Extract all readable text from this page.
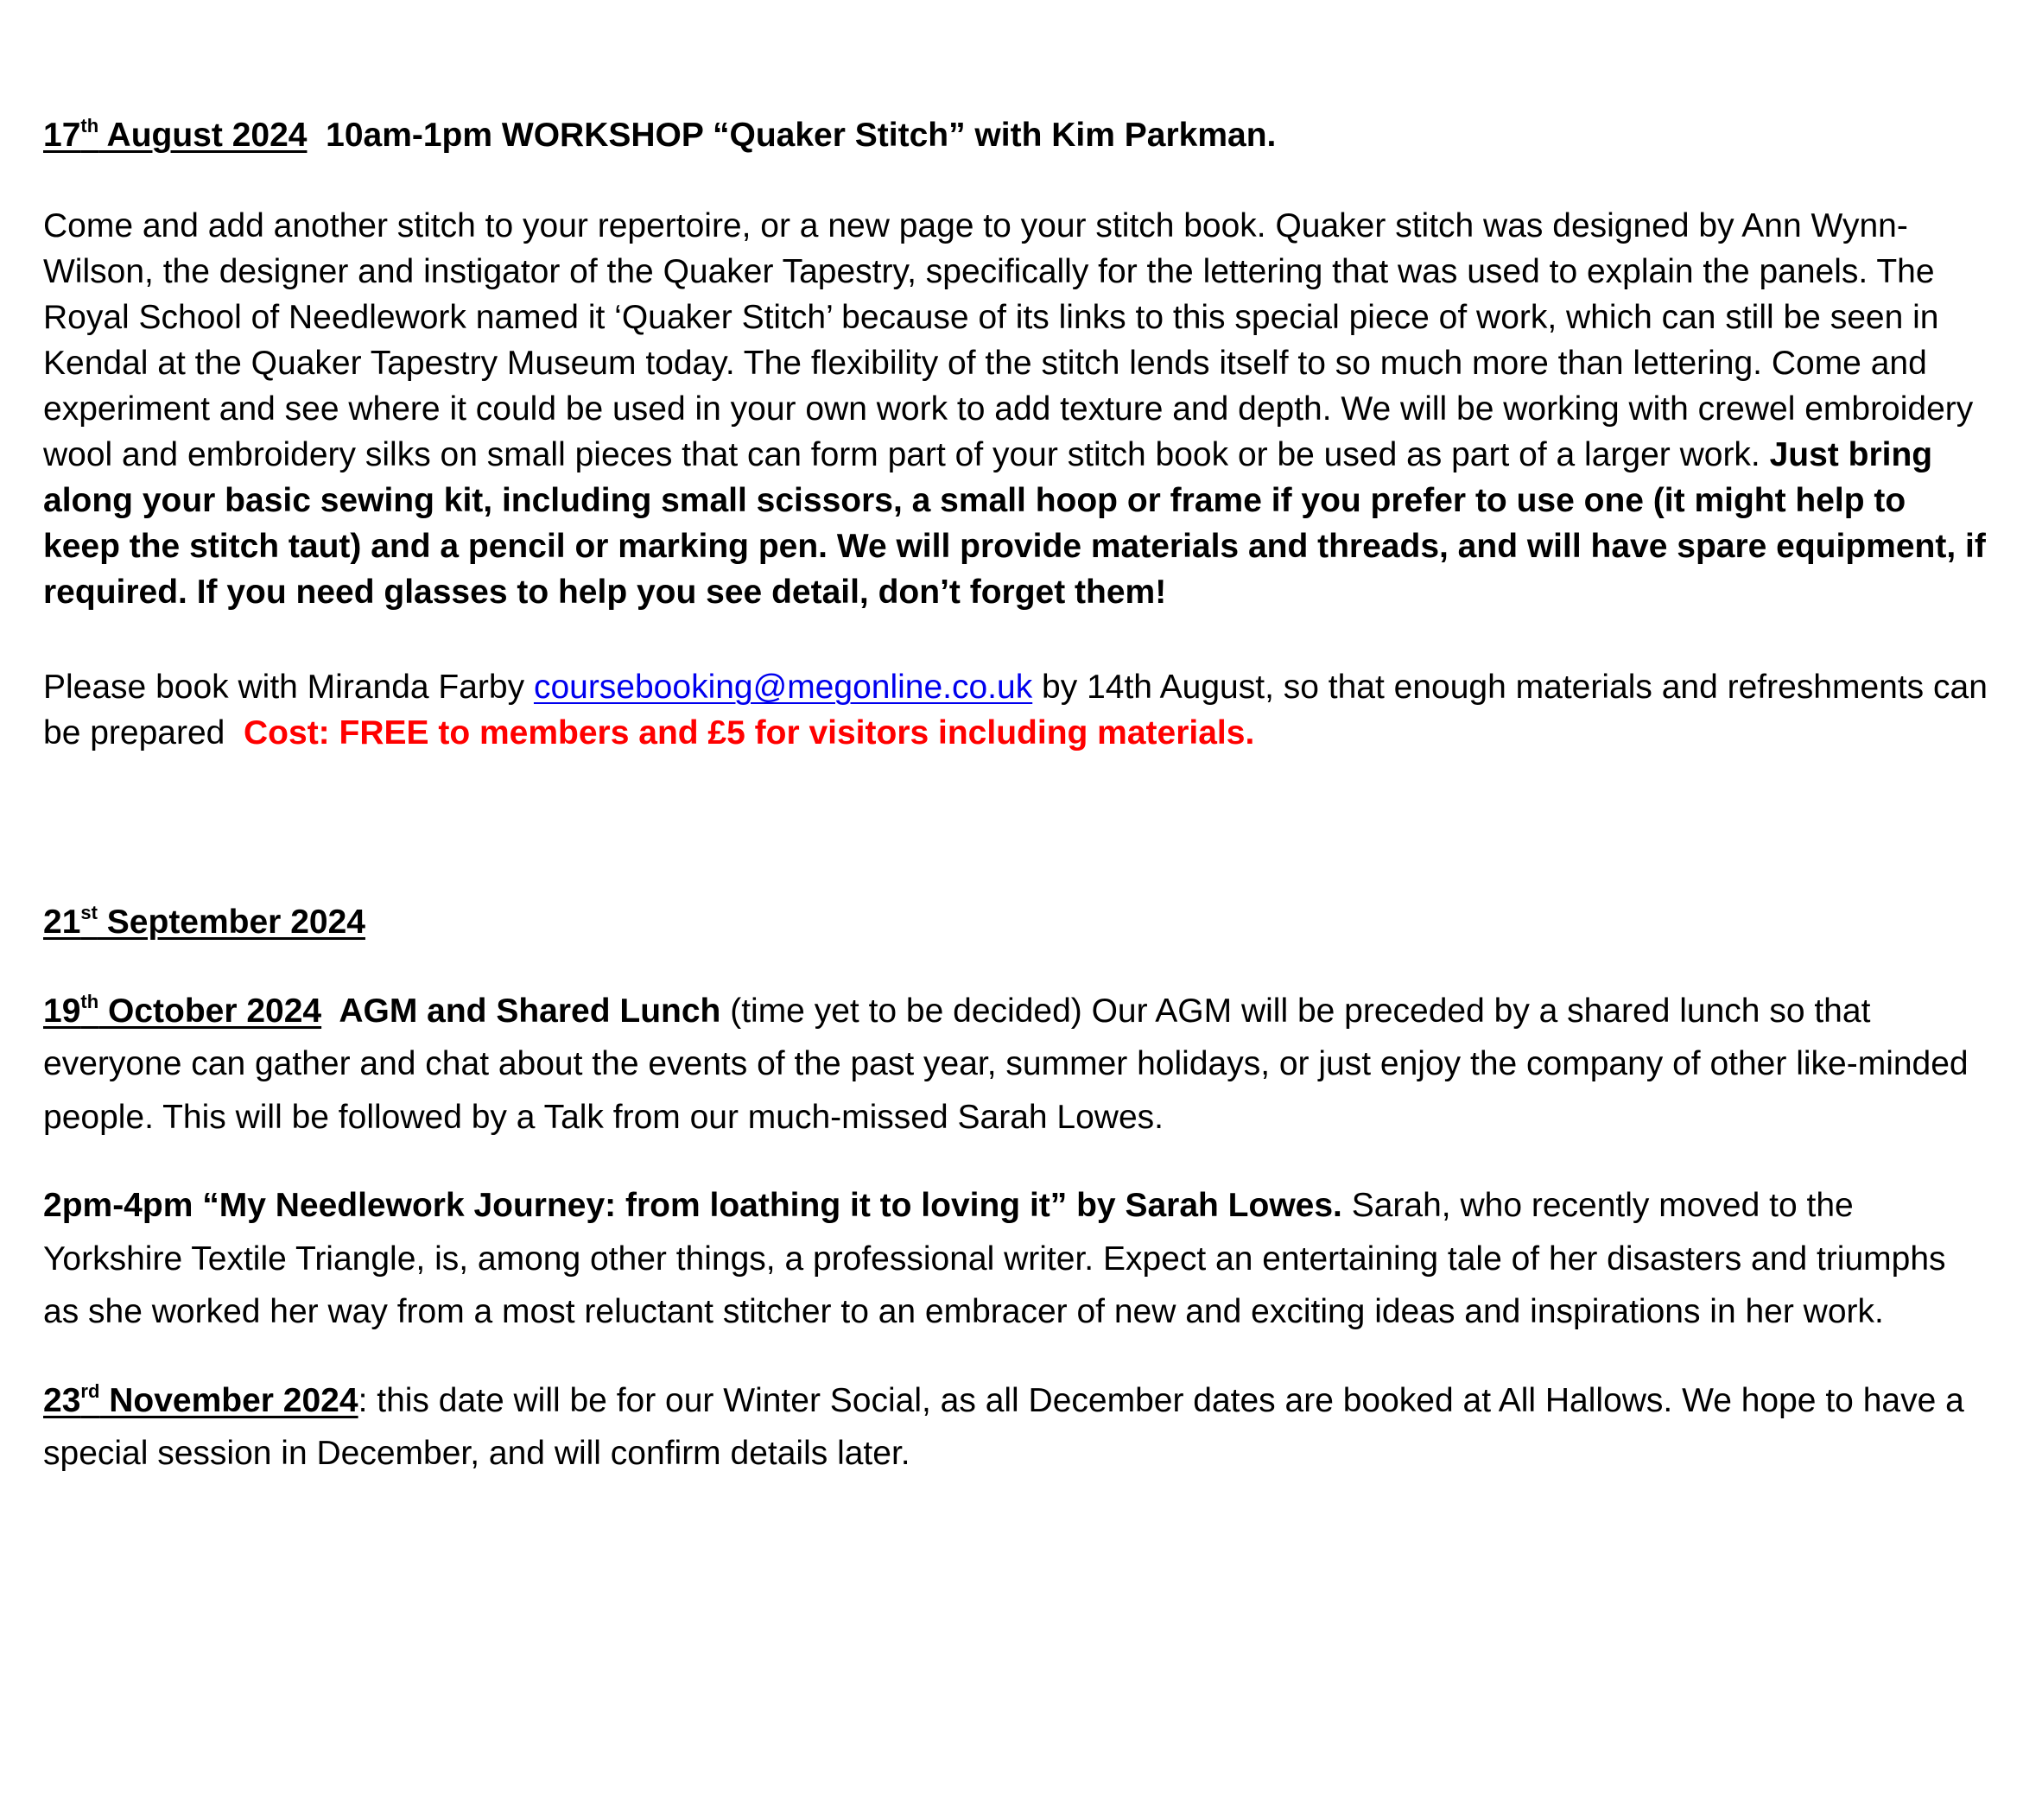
17th August 2024  10am-1pm WORKSHOP “Quaker Stitch” with Kim Parkman.

Come and add another stitch to your repertoire, or a new page to your stitch book. Quaker stitch was designed by Ann Wynn-Wilson, the designer and instigator of the Quaker Tapestry, specifically for the lettering that was used to explain the panels. The Royal School of Needlework named it ‘Quaker Stitch’ because of its links to this special piece of work, which can still be seen in Kendal at the Quaker Tapestry Museum today. The flexibility of the stitch lends itself to so much more than lettering. Come and experiment and see where it could be used in your own work to add texture and depth. We will be working with crewel embroidery wool and embroidery silks on small pieces that can form part of your stitch book or be used as part of a larger work. Just bring along your basic sewing kit, including small scissors, a small hoop or frame if you prefer to use one (it might help to keep the stitch taut) and a pencil or marking pen. We will provide materials and threads, and will have spare equipment, if required. If you need glasses to help you see detail, don’t forget them!

Please book with Miranda Farby coursebooking@megonline.co.uk by 14th August, so that enough materials and refreshments can be prepared  Cost: FREE to members and £5 for visitors including materials.

21st September 2024

19th October 2024  AGM and Shared Lunch (time yet to be decided) Our AGM will be preceded by a shared lunch so that everyone can gather and chat about the events of the past year, summer holidays, or just enjoy the company of other like-minded people. This will be followed by a Talk from our much-missed Sarah Lowes.

2pm-4pm “My Needlework Journey: from loathing it to loving it” by Sarah Lowes. Sarah, who recently moved to the Yorkshire Textile Triangle, is, among other things, a professional writer. Expect an entertaining tale of her disasters and triumphs as she worked her way from a most reluctant stitcher to an embracer of new and exciting ideas and inspirations in her work.

23rd November 2024: this date will be for our Winter Social, as all December dates are booked at All Hallows. We hope to have a special session in December, and will confirm details later.
